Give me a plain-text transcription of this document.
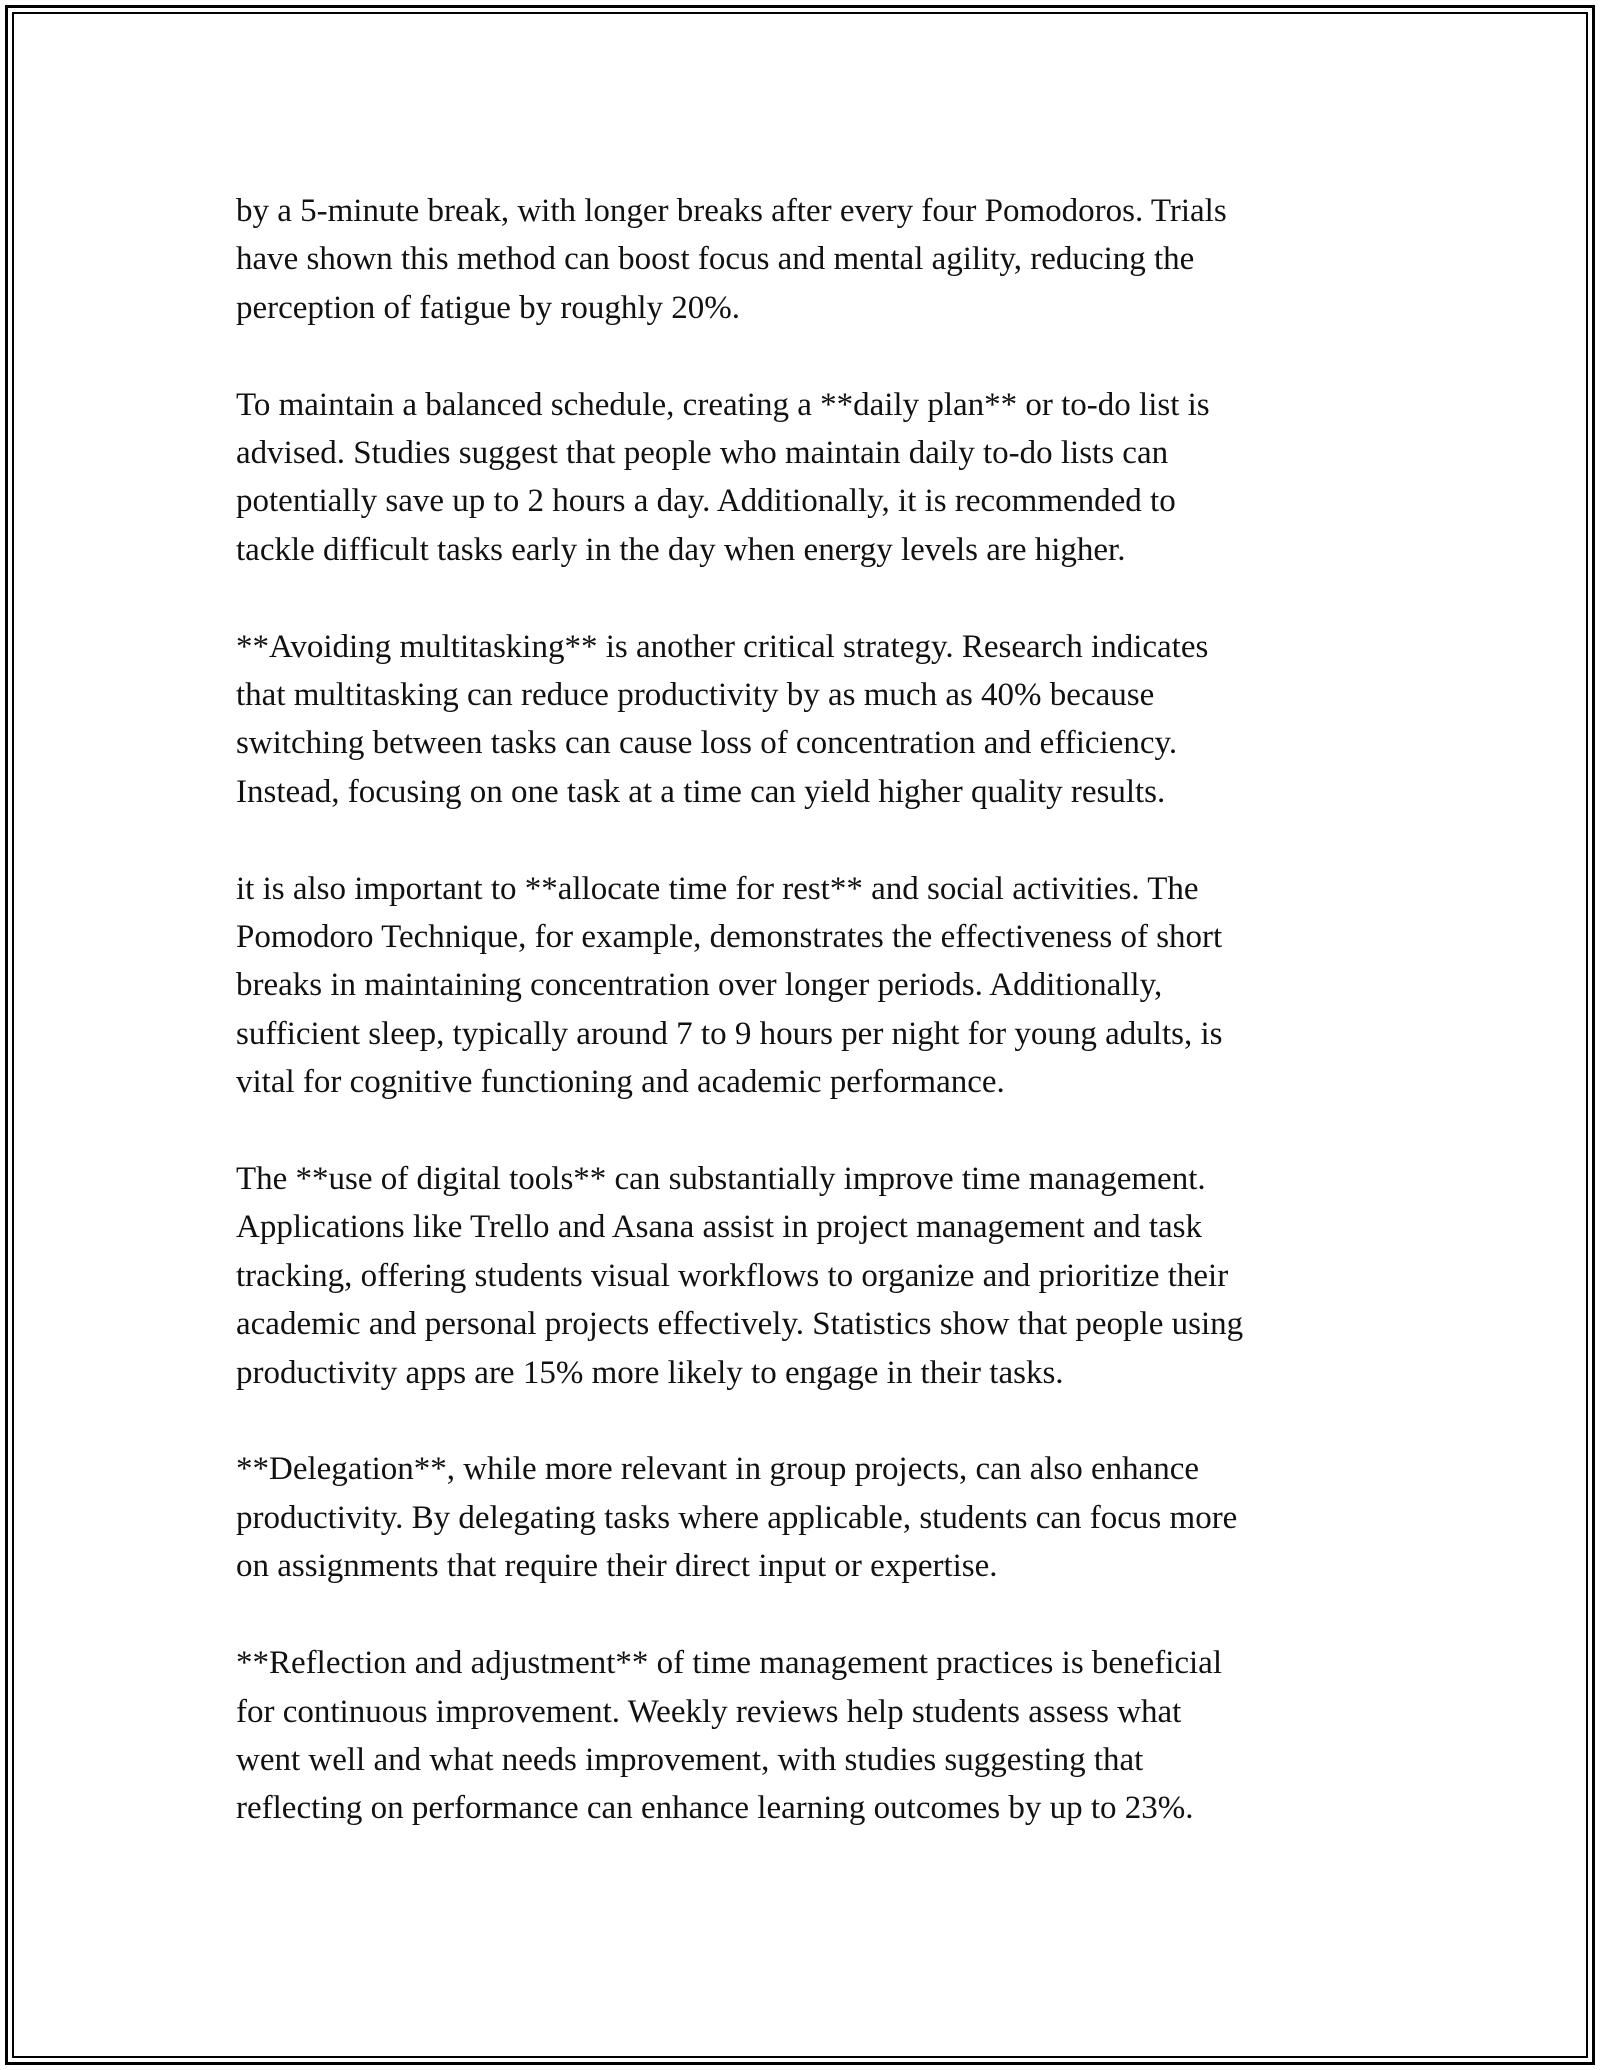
by a 5-minute break, with longer breaks after every four Pomodoros. Trials
have shown this method can boost focus and mental agility, reducing the
perception of fatigue by roughly 20%.

To maintain a balanced schedule, creating a **daily plan** or to-do list is
advised. Studies suggest that people who maintain daily to-do lists can
potentially save up to 2 hours a day. Additionally, it is recommended to
tackle difficult tasks early in the day when energy levels are higher.

**Avoiding multitasking** is another critical strategy. Research indicates
that multitasking can reduce productivity by as much as 40% because
switching between tasks can cause loss of concentration and efficiency.
Instead, focusing on one task at a time can yield higher quality results.

it is also important to **allocate time for rest** and social activities. The
Pomodoro Technique, for example, demonstrates the effectiveness of short
breaks in maintaining concentration over longer periods. Additionally,
sufficient sleep, typically around 7 to 9 hours per night for young adults, is
vital for cognitive functioning and academic performance.

The **use of digital tools** can substantially improve time management.
Applications like Trello and Asana assist in project management and task
tracking, offering students visual workflows to organize and prioritize their
academic and personal projects effectively. Statistics show that people using
productivity apps are 15% more likely to engage in their tasks.

**Delegation**, while more relevant in group projects, can also enhance
productivity. By delegating tasks where applicable, students can focus more
on assignments that require their direct input or expertise.

**Reflection and adjustment** of time management practices is beneficial
for continuous improvement. Weekly reviews help students assess what
went well and what needs improvement, with studies suggesting that
reflecting on performance can enhance learning outcomes by up to 23%.
